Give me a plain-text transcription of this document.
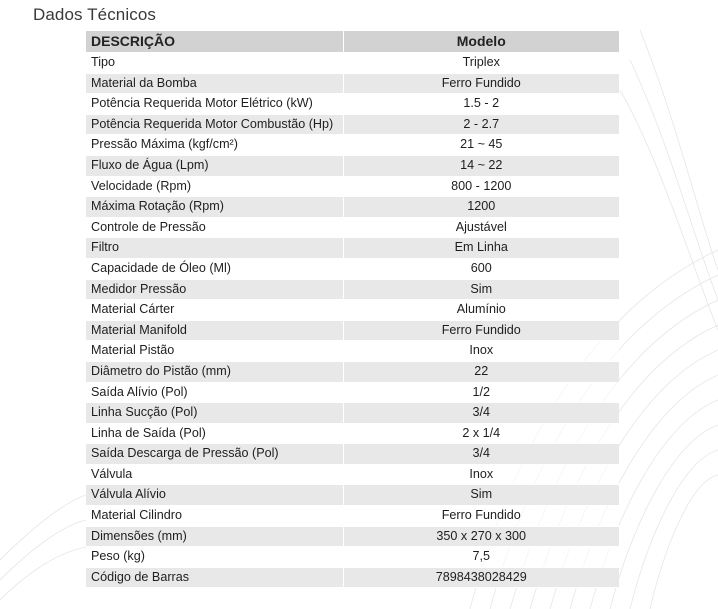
Dados Técnicos
DESCRIÇÃO	Modelo
Tipo	Triplex
Material da Bomba	Ferro Fundido
Potência Requerida Motor Elétrico (kW)	1.5 - 2
Potência Requerida Motor Combustão (Hp)	2 - 2.7
Pressão Máxima (kgf/cm²)	21 ~ 45
Fluxo de Água (Lpm)	14 ~ 22
Velocidade (Rpm)	800 - 1200
Máxima Rotação (Rpm)	1200
Controle de Pressão	Ajustável
Filtro	Em Linha
Capacidade de Óleo (Ml)	600
Medidor Pressão	Sim
Material Cárter	Alumínio
Material Manifold	Ferro Fundido
Material Pistão	Inox
Diâmetro do Pistão (mm)	22
Saída Alívio (Pol)	1/2
Linha Sucção (Pol)	3/4
Linha de Saída (Pol)	2 x 1/4
Saída Descarga de Pressão (Pol)	3/4
Válvula	Inox
Válvula Alívio	Sim
Material Cilindro	Ferro Fundido
Dimensões (mm)	350 x 270 x 300
Peso (kg)	7,5
Código de Barras	7898438028429
